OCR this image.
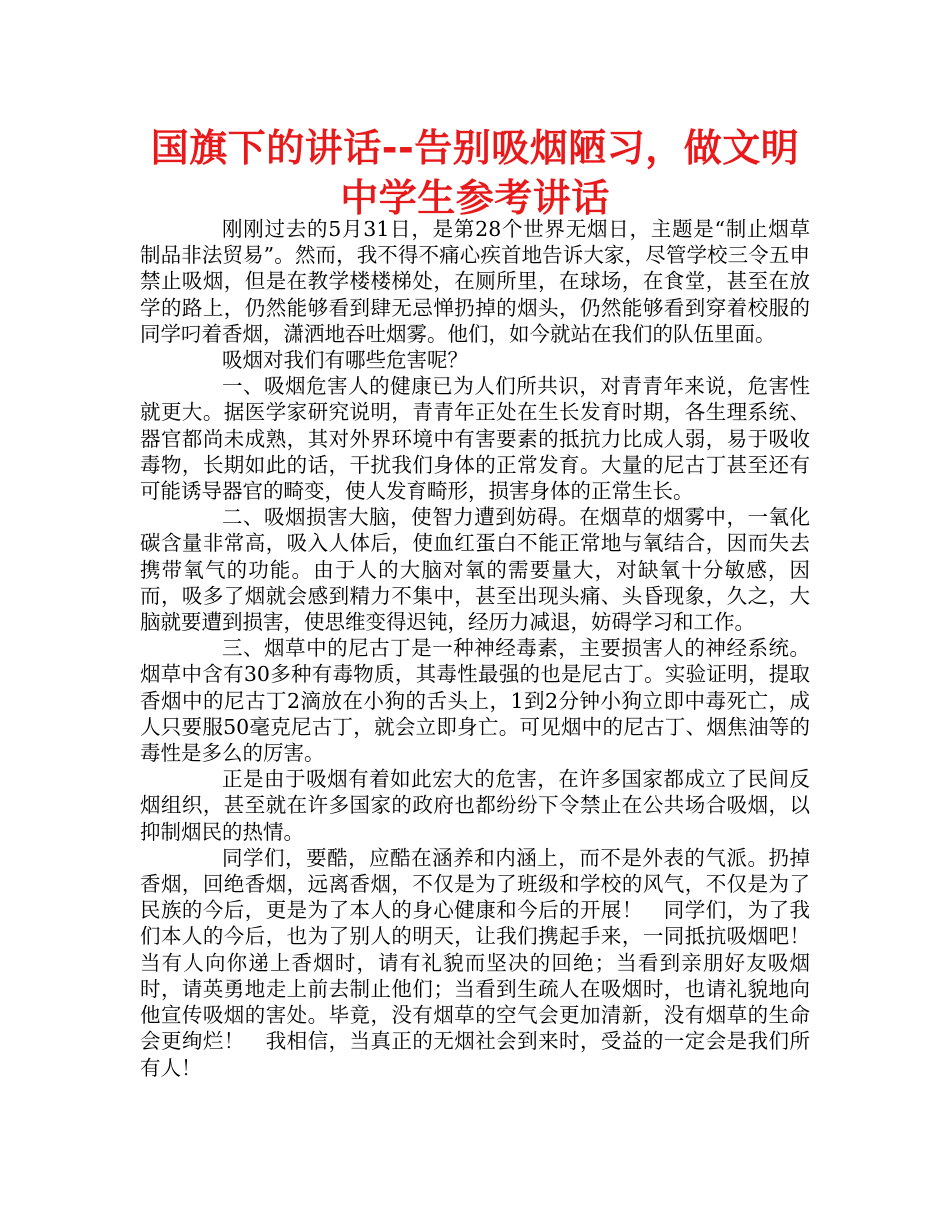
国旗下的讲话--告别吸烟陋习，做文明中学生参考讲话

刚刚过去的5月31日，是第28个世界无烟日，主题是“制止烟草制品非法贸易”。然而，我不得不痛心疾首地告诉大家，尽管学校三令五申禁止吸烟，但是在教学楼楼梯处，在厕所里，在球场，在食堂，甚至在放学的路上，仍然能够看到肆无忌惮扔掉的烟头，仍然能够看到穿着校服的同学叼着香烟，潇洒地吞吐烟雾。他们，如今就站在我们的队伍里面。

吸烟对我们有哪些危害呢？

一、吸烟危害人的健康已为人们所共识，对青青年来说，危害性就更大。据医学家研究说明，青青年正处在生长发育时期，各生理系统、器官都尚未成熟，其对外界环境中有害要素的抵抗力比成人弱，易于吸收毒物，长期如此的话，干扰我们身体的正常发育。大量的尼古丁甚至还有可能诱导器官的畸变，使人发育畸形，损害身体的正常生长。

二、吸烟损害大脑，使智力遭到妨碍。在烟草的烟雾中，一氧化碳含量非常高，吸入人体后，使血红蛋白不能正常地与氧结合，因而失去携带氧气的功能。由于人的大脑对氧的需要量大，对缺氧十分敏感，因而，吸多了烟就会感到精力不集中，甚至出现头痛、头昏现象，久之，大脑就要遭到损害，使思维变得迟钝，经历力减退，妨碍学习和工作。

三、烟草中的尼古丁是一种神经毒素，主要损害人的神经系统。烟草中含有30多种有毒物质，其毒性最强的也是尼古丁。实验证明，提取香烟中的尼古丁2滴放在小狗的舌头上，1到2分钟小狗立即中毒死亡，成人只要服50毫克尼古丁，就会立即身亡。可见烟中的尼古丁、烟焦油等的毒性是多么的厉害。

正是由于吸烟有着如此宏大的危害，在许多国家都成立了民间反烟组织，甚至就在许多国家的政府也都纷纷下令禁止在公共场合吸烟，以抑制烟民的热情。

同学们，要酷，应酷在涵养和内涵上，而不是外表的气派。扔掉香烟，回绝香烟，远离香烟，不仅是为了班级和学校的风气，不仅是为了民族的今后，更是为了本人的身心健康和今后的开展！　同学们，为了我们本人的今后，也为了别人的明天，让我们携起手来，一同抵抗吸烟吧！当有人向你递上香烟时，请有礼貌而坚决的回绝；当看到亲朋好友吸烟时，请英勇地走上前去制止他们；当看到生疏人在吸烟时，也请礼貌地向他宣传吸烟的害处。毕竟，没有烟草的空气会更加清新，没有烟草的生命会更绚烂！　我相信，当真正的无烟社会到来时，受益的一定会是我们所有人！
